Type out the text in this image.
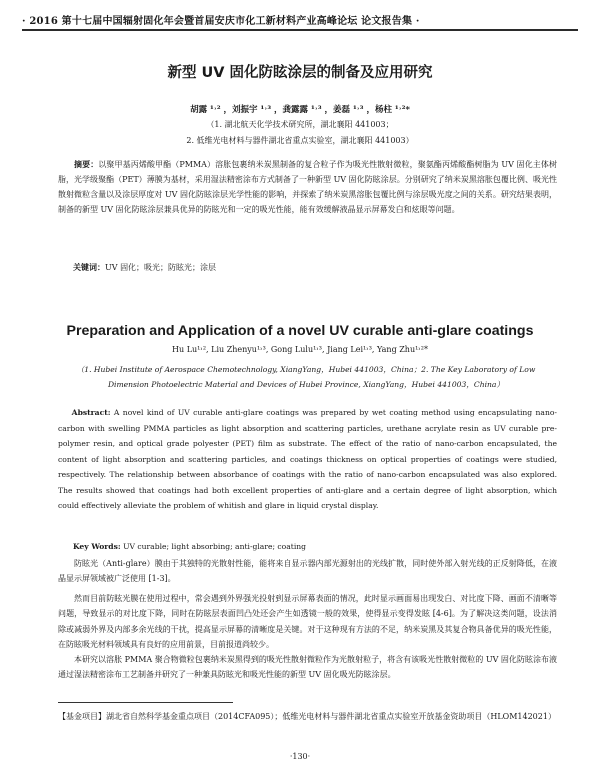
· 2016 第十七届中国辐射固化年会暨首届安庆市化工新材料产业高峰论坛 论文报告集 ·
新型 UV 固化防眩涂层的制备及应用研究
胡露 ¹˒² ，刘振宇 ¹˒³ ，龚露露 ¹˒³ ，姜磊 ¹˒³ ，杨柱 ¹˒²*
（1. 湖北航天化学技术研究所，湖北襄阳 441003；
2. 低维光电材料与器件湖北省重点实验室，湖北襄阳 441003）
摘要：以聚甲基丙烯酸甲酯（PMMA）溶胀包裹纳米炭黑制备的复合粒子作为吸光性散射微粒，聚氨酯丙烯酸酯树脂为 UV 固化主体树脂，光学级聚酯（PET）薄膜为基材，采用湿法精密涂布方式制备了一种新型 UV 固化防眩涂层。分别研究了纳米炭黑溶胀包覆比例、吸光性散射微粒含量以及涂层厚度对 UV 固化防眩涂层光学性能的影响，并探索了纳米炭黑溶胀包覆比例与涂层吸光度之间的关系。研究结果表明，制备的新型 UV 固化防眩涂层兼具优异的防眩光和一定的吸光性能，能有效缓解液晶显示屏幕发白和炫眼等问题。
关键词：UV 固化；吸光；防眩光；涂层
Preparation and Application of a novel UV curable anti-glare coatings
Hu Lu¹˒², Liu Zhenyu¹˒³, Gong Lulu¹˒³, Jiang Lei¹˒³, Yang Zhu¹˒²*
（1. Hubei Institute of Aerospace Chemotechnology, XiangYang，Hubei 441003，China；2. The Key Laboratory of Low Dimension Photoelectric Material and Devices of Hubei Province, XiangYang，Hubei 441003，China）
Abstract: A novel kind of UV curable anti-glare coatings was prepared by wet coating method using encapsulating nano-carbon with swelling PMMA particles as light absorption and scattering particles, urethane acrylate resin as UV curable pre-polymer resin, and optical grade polyester (PET) film as substrate. The effect of the ratio of nano-carbon encapsulated, the content of light absorption and scattering particles, and coatings thickness on optical properties of coatings were studied, respectively. The relationship between absorbance of coatings with the ratio of nano-carbon encapsulated was also explored. The results showed that coatings had both excellent properties of anti-glare and a certain degree of light absorption, which could effectively alleviate the problem of whitish and glare in liquid crystal display.
Key Words: UV curable; light absorbing; anti-glare; coating
防眩光（Anti-glare）膜由于其独特的光散射性能，能将来自显示器内部光源射出的光线扩散，同时使外部入射光线的正反射降低，在液晶显示屏领域被广泛使用 [1-3]。
然而目前防眩光膜在使用过程中，常会遇到外界强光投射到显示屏幕表面的情况，此时显示画面易出现发白、对比度下降、画面不清晰等问题，导致显示的对比度下降，同时在防眩层表面凹凸处还会产生如透镜一般的效果，使得显示变得发眩 [4-6]。为了解决这类问题，设法消除或减弱外界及内部多余光线的干扰，提高显示屏幕的清晰度是关键。对于这种现有方法的不足，纳米炭黑及其复合物具备优异的吸光性能，在防眩吸光材料领域具有良好的应用前景，目前报道尚较少。
本研究以溶胀 PMMA 聚合物微粒包裹纳米炭黑得到的吸光性散射微粒作为光散射粒子，将含有该吸光性散射微粒的 UV 固化防眩涂布液通过湿法精密涂布工艺制备并研究了一种兼具防眩光和吸光性能的新型 UV 固化吸光防眩涂层。
【基金项目】湖北省自然科学基金重点项目（2014CFA095）；低维光电材料与器件湖北省重点实验室开放基金资助项目（HLOM142021）
·130·
